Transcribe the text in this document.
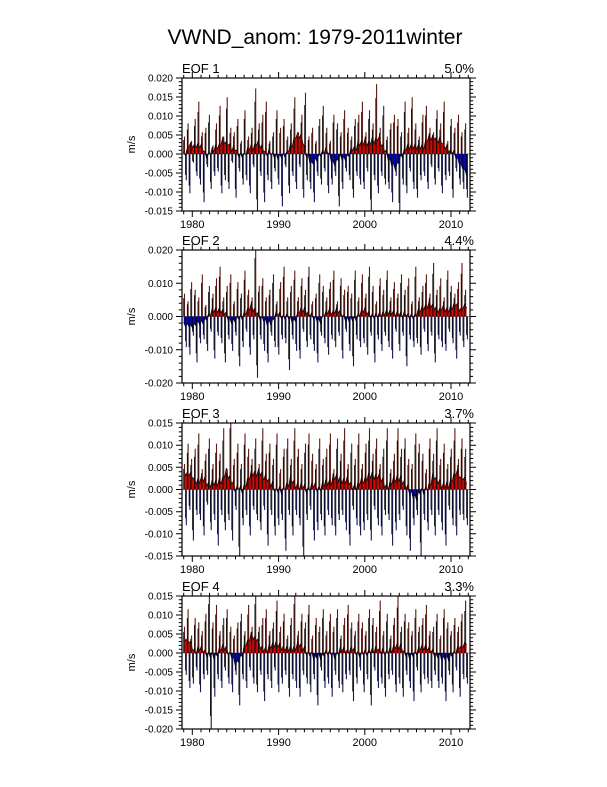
VWND_anom: 1979-2011winter
EOF 1	5.0%
m/s
1980	1990	2000	2010
0.020
0.015
0.010
0.005
0.000
-0.005
-0.010
-0.015
EOF 2	4.4%
m/s
1980	1990	2000	2010
0.020
0.010
0.000
-0.010
-0.020
EOF 3	3.7%
m/s
1980	1990	2000	2010
0.015
0.010
0.005
0.000
-0.005
-0.010
-0.015
EOF 4	3.3%
m/s
1980	1990	2000	2010
0.015
0.010
0.005
0.000
-0.005
-0.010
-0.015
-0.020
